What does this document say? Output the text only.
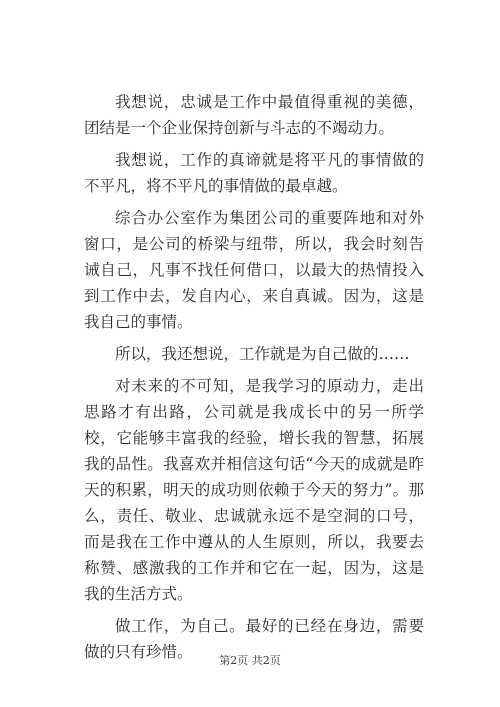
我想说，忠诚是工作中最值得重视的美德，团结是一个企业保持创新与斗志的不竭动力。

我想说，工作的真谛就是将平凡的事情做的不平凡，将不平凡的事情做的最卓越。

综合办公室作为集团公司的重要阵地和对外窗口，是公司的桥梁与纽带，所以，我会时刻告诫自己，凡事不找任何借口，以最大的热情投入到工作中去，发自内心，来自真诚。因为，这是我自己的事情。

所以，我还想说，工作就是为自己做的……

对未来的不可知，是我学习的原动力，走出思路才有出路，公司就是我成长中的另一所学校，它能够丰富我的经验，增长我的智慧，拓展我的品性。我喜欢并相信这句话“今天的成就是昨天的积累，明天的成功则依赖于今天的努力”。那么，责任、敬业、忠诚就永远不是空洞的口号，而是我在工作中遵从的人生原则，所以，我要去称赞、感激我的工作并和它在一起，因为，这是我的生活方式。

做工作，为自己。最好的已经在身边，需要做的只有珍惜。	第2页 共2页
